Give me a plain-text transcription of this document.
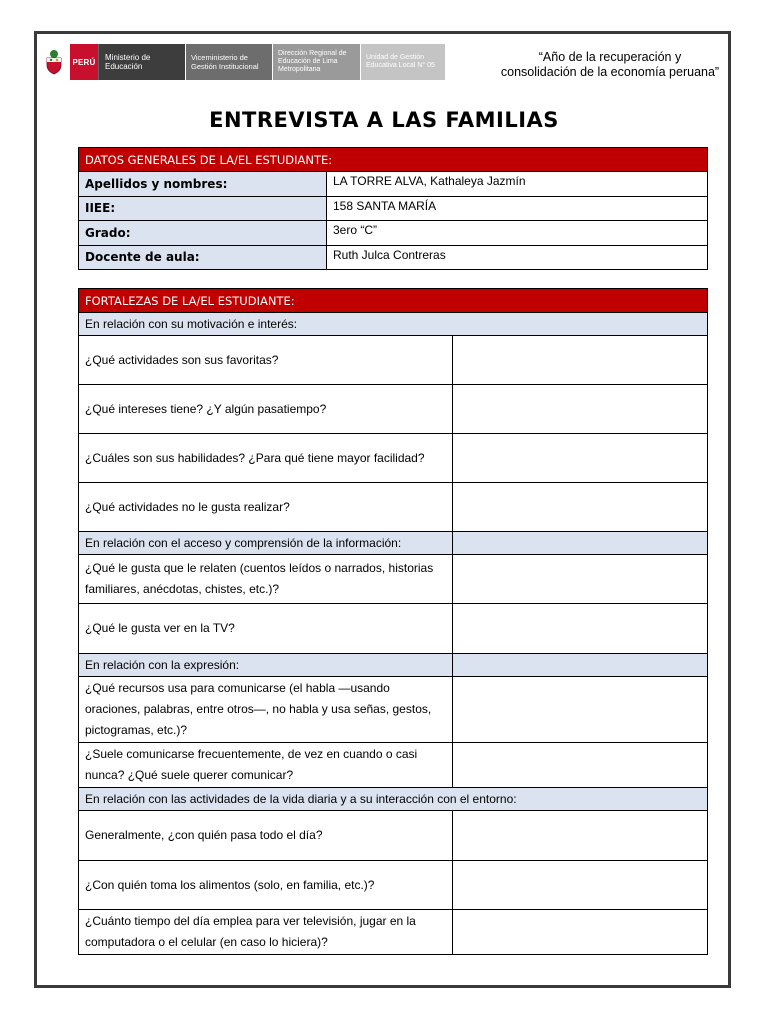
PERÚ	Ministerio de Educación
Viceministerio de Gestión Institucional
Dirección Regional de Educación de Lima Metropolitana
Unidad de Gestión Educativa Local N° 05
“Año de la recuperación y
consolidación de la economía peruana”
ENTREVISTA A LAS FAMILIAS
DATOS GENERALES DE LA/EL ESTUDIANTE:	
Apellidos y nombres:	LA TORRE ALVA, Kathaleya Jazmín
IIEE:	158 SANTA MARÍA
Grado:	3ero “C”
Docente de aula:	Ruth Julca Contreras
FORTALEZAS DE LA/EL ESTUDIANTE:	
En relación con su motivación e interés:	
¿Qué actividades son sus favoritas?	
¿Qué intereses tiene? ¿Y algún pasatiempo?	
¿Cuáles son sus habilidades? ¿Para qué tiene mayor facilidad?	
¿Qué actividades no le gusta realizar?	
En relación con el acceso y comprensión de la información:	
¿Qué le gusta que le relaten (cuentos leídos o narrados, historias familiares, anécdotas, chistes, etc.)?	
¿Qué le gusta ver en la TV?	
En relación con la expresión:	
¿Qué recursos usa para comunicarse (el habla —usando oraciones, palabras, entre otros—, no habla y usa señas, gestos, pictogramas, etc.)?	
¿Suele comunicarse frecuentemente, de vez en cuando o casi nunca? ¿Qué suele querer comunicar?	
En relación con las actividades de la vida diaria y a su interacción con el entorno:	
Generalmente, ¿con quién pasa todo el día?	
¿Con quién toma los alimentos (solo, en familia, etc.)?	
¿Cuánto tiempo del día emplea para ver televisión, jugar en la computadora o el celular (en caso lo hiciera)?	
